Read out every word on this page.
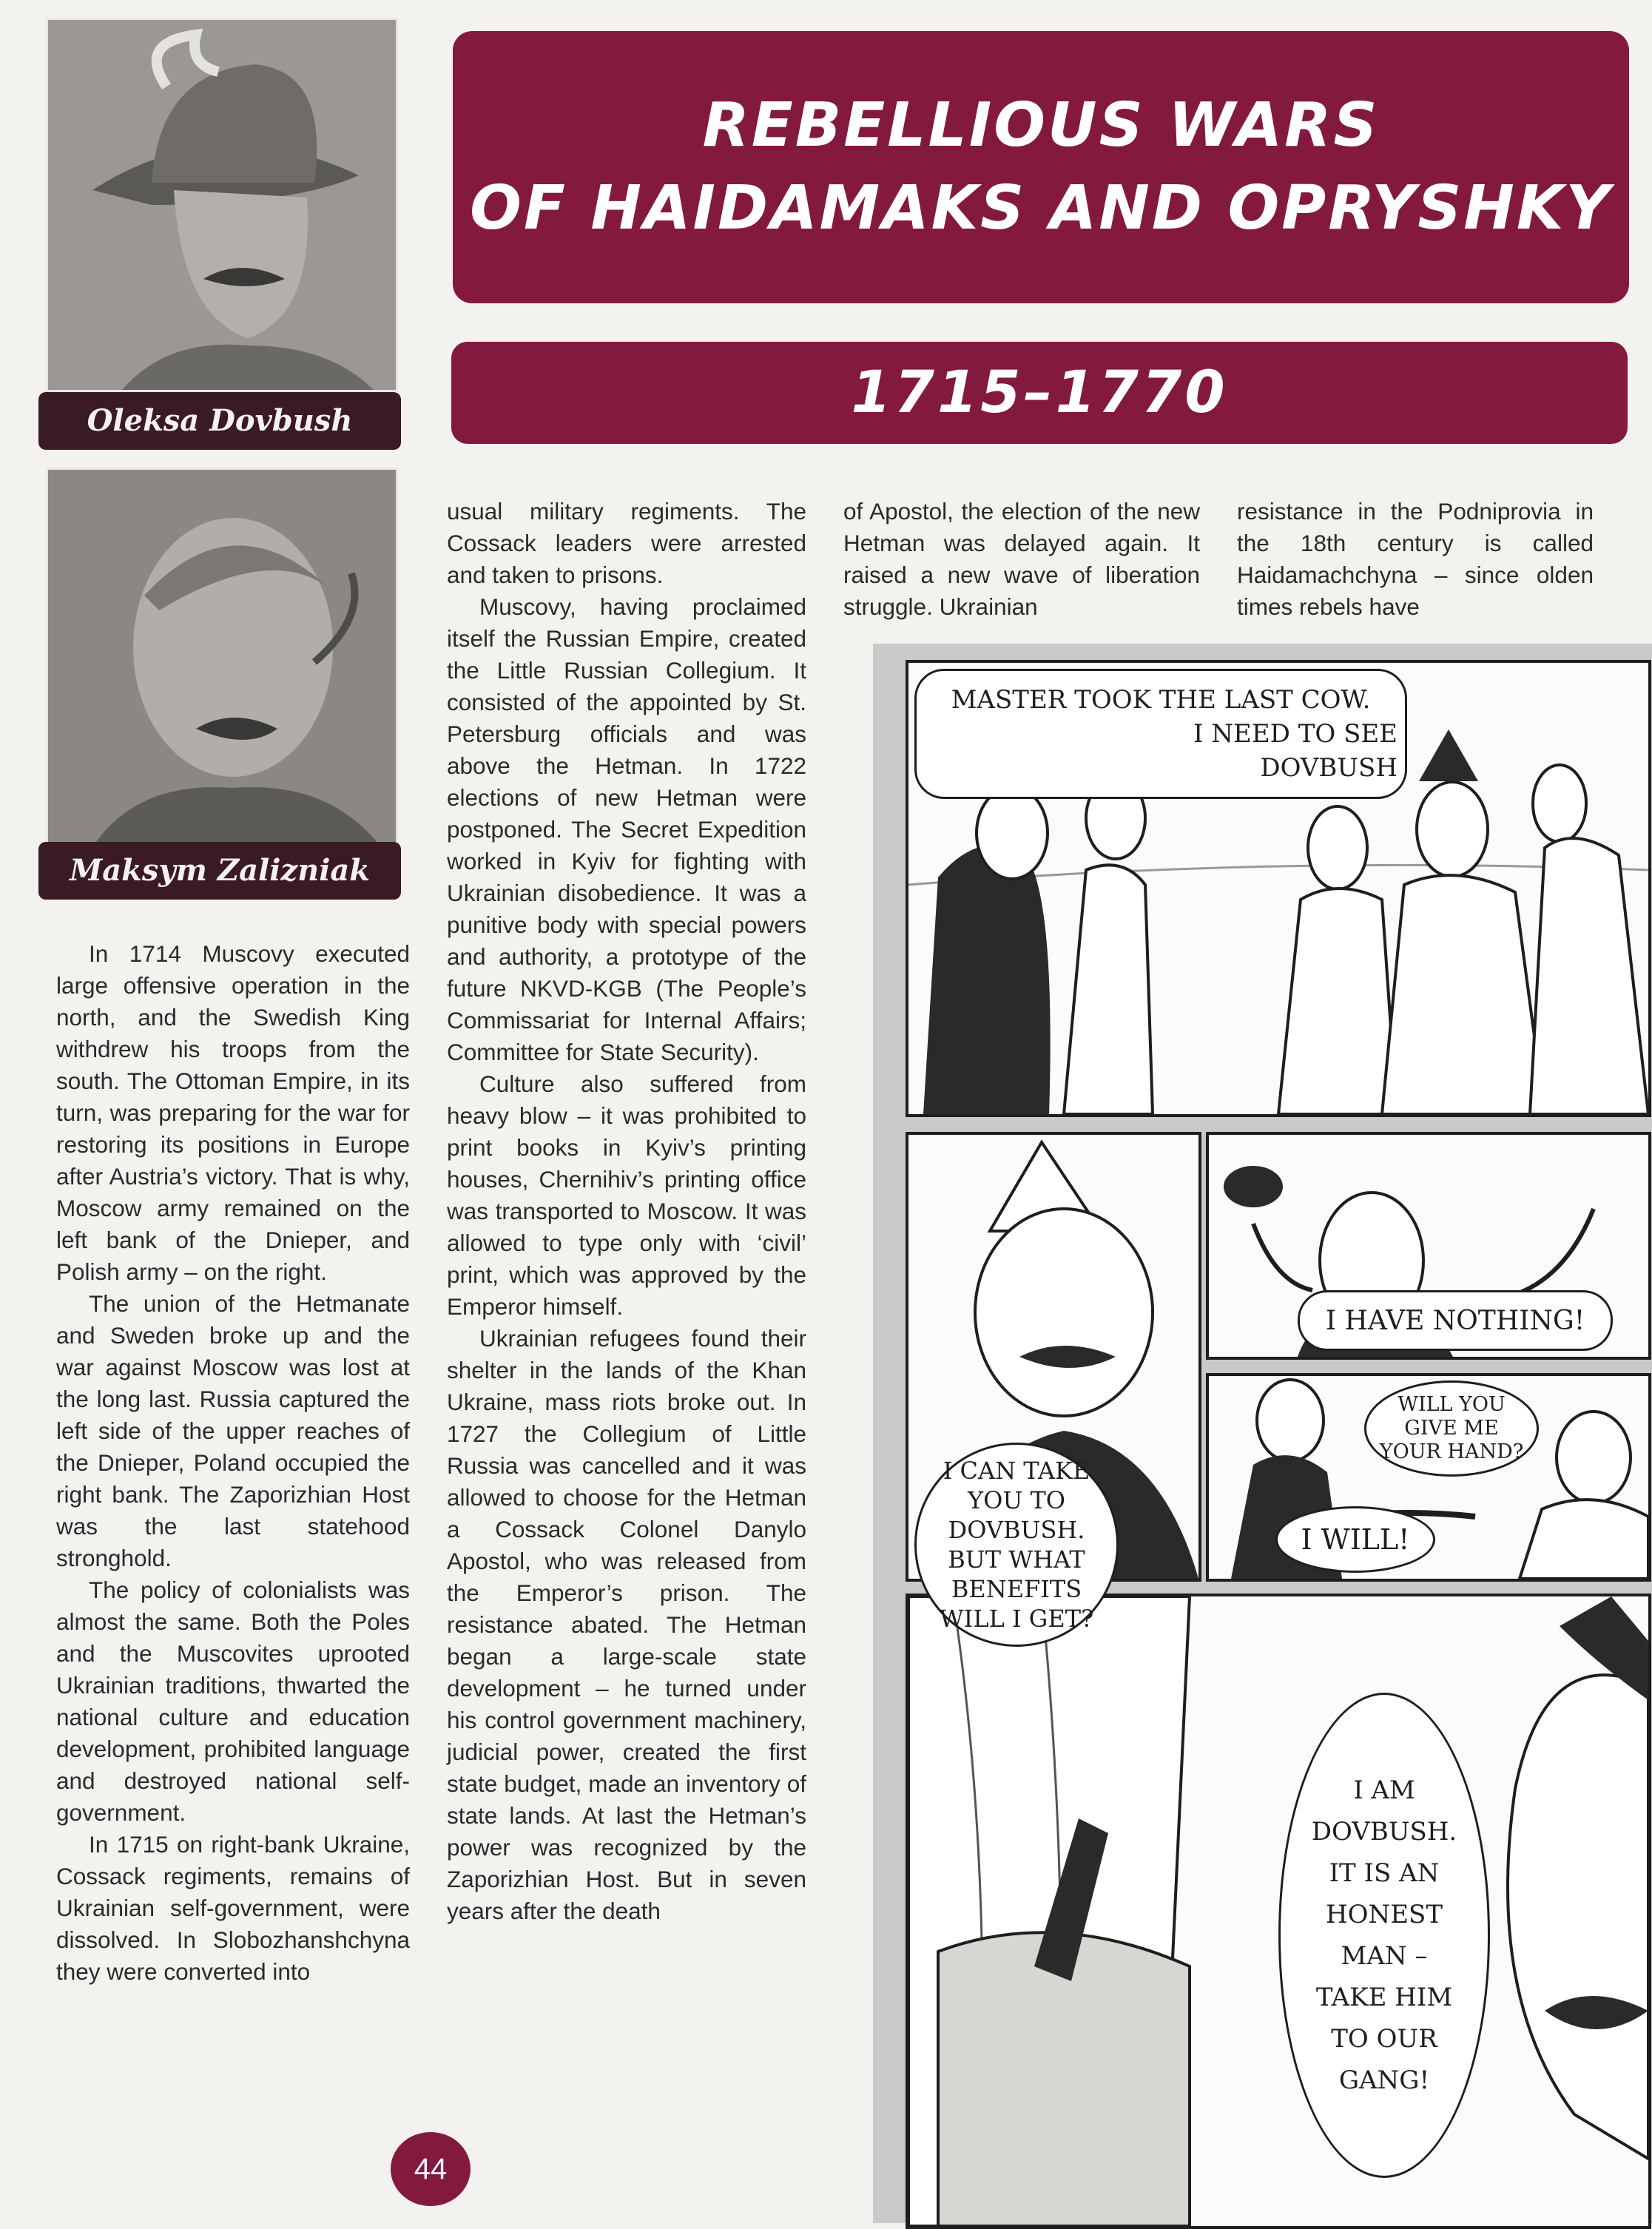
Oleksa Dovbush
Maksym Zalizniak
REBELLIOUS WARS
OF HAIDAMAKS AND OPRYSHKY
1715–1770

In 1714 Muscovy executed large offensive operation in the north, and the Swedish King withdrew his troops from the south. The Ottoman Empire, in its turn, was preparing for the war for restoring its positions in Europe after Austria’s victory. That is why, Moscow army remained on the left bank of the Dnieper, and Polish army – on the right.

The union of the Hetmanate and Sweden broke up and the war against Moscow was lost at the long last. Russia captured the left side of the upper reaches of the Dnieper, Poland occupied the right bank. The Zaporizhian Host was the last statehood stronghold.

The policy of colonialists was almost the same. Both the Poles and the Muscovites uprooted Ukrainian traditions, thwarted the national culture and education development, prohibited language and destroyed national self-government.

In 1715 on right-bank Ukraine, Cossack regiments, remains of Ukrainian self-government, were dissolved. In Slobozhanshchyna they were converted into

usual military regiments. The Cossack leaders were arrested and taken to prisons.

Muscovy, having proclaimed itself the Russian Empire, created the Little Russian Collegium. It consisted of the appointed by St. Petersburg officials and was above the Hetman. In 1722 elections of new Hetman were postponed. The Secret Expedition worked in Kyiv for fighting with Ukrainian disobedience. It was a punitive body with special powers and authority, a prototype of the future NKVD-KGB (The People’s Commissariat for Internal Affairs; Committee for State Security).

Culture also suffered from heavy blow – it was prohibited to print books in Kyiv’s printing houses, Chernihiv’s printing office was transported to Moscow. It was allowed to type only with ‘civil’ print, which was approved by the Emperor himself.

Ukrainian refugees found their shelter in the lands of the Khan Ukraine, mass riots broke out. In 1727 the Collegium of Little Russia was cancelled and it was allowed to choose for the Hetman a Cossack Colonel Danylo Apostol, who was released from the Emperor’s prison. The resistance abated. The Hetman began a large-scale state development – he turned under his control government machinery, judicial power, created the first state budget, made an inventory of state lands. At last the Hetman’s power was recognized by the Zaporizhian Host. But in seven years after the death

of Apostol, the election of the new Hetman was delayed again. It raised a new wave of liberation struggle. Ukrainian

resistance in the Podniprovia in the 18th century is called Haidamachchyna – since olden times rebels have

MASTER TOOK THE LAST COW.
I NEED TO SEE
DOVBUSH
I HAVE NOTHING!
WILL YOU
GIVE ME
YOUR HAND?
I WILL!
I CAN TAKE
YOU TO
DOVBUSH.
BUT WHAT
BENEFITS
WILL I GET?
I AM
DOVBUSH.
IT IS AN
HONEST
MAN –
TAKE HIM
TO OUR
GANG!
44
